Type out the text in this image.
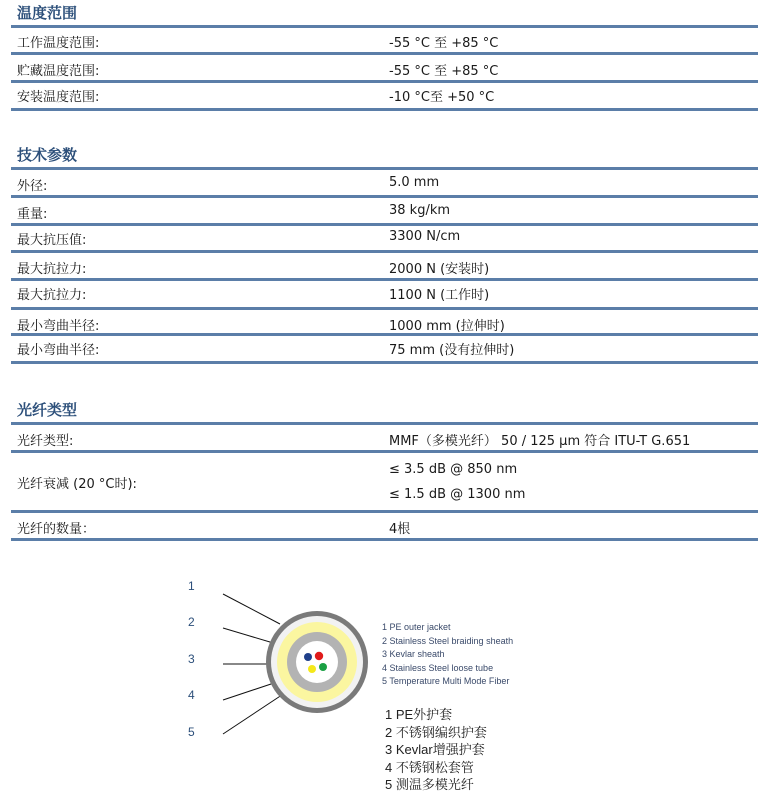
温度范围
工作温度范围:	-55 °C 至 +85 °C
贮藏温度范围:	-55 °C 至 +85 °C
安装温度范围:	-10 °C至 +50 °C
技术参数
外径:	5.0 mm
重量:	38 kg/km
最大抗压值:	3300 N/cm
最大抗拉力:	2000 N (安装时)
最大抗拉力:	1100 N (工作时)
最小弯曲半径:	1000 mm (拉伸时)
最小弯曲半径:	75 mm (没有拉伸时)
光纤类型
光纤类型:	MMF（多模光纤） 50 / 125 µm 符合 ITU-T G.651
光纤衰减 (20 °C时):
≤ 3.5 dB @ 850 nm
≤ 1.5 dB @ 1300 nm
光纤的数量：	4根
1
2
3
4
5
1 PE outer jacket
2 Stainless Steel braiding sheath
3 Kevlar sheath
4 Stainless Steel loose tube
5 Temperature Multi Mode Fiber
1 PE外护套
2 不锈钢编织护套
3 Kevlar增强护套
4 不锈钢松套管
5 测温多模光纤
